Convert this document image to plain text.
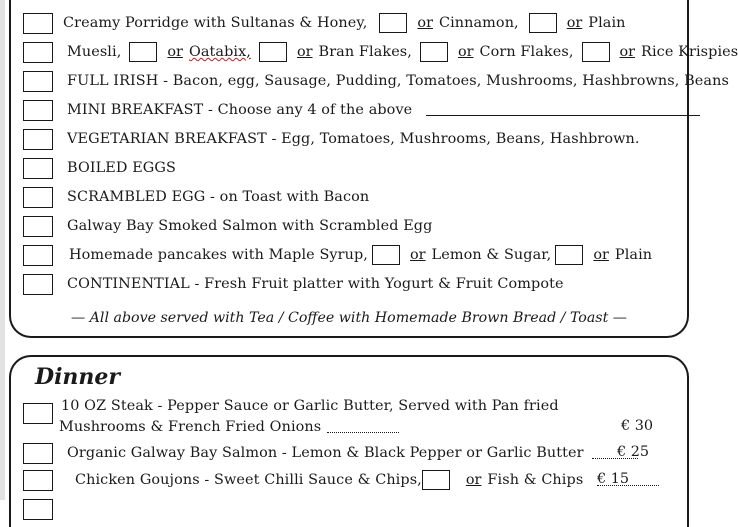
Creamy Porridge with Sultanas & Honey,	or Cinnamon,	or Plain
Muesli,	or Oatabix,	or Bran Flakes,	or Corn Flakes,	or Rice Krispies
FULL IRISH - Bacon, egg, Sausage, Pudding, Tomatoes, Mushrooms, Hashbrowns, Beans
MINI BREAKFAST - Choose any 4 of the above
VEGETARIAN BREAKFAST - Egg, Tomatoes, Mushrooms, Beans, Hashbrown.
BOILED EGGS
SCRAMBLED EGG - on Toast with Bacon
Galway Bay Smoked Salmon with Scrambled Egg
Homemade pancakes with Maple Syrup,	or Lemon & Sugar,	or Plain
CONTINENTIAL - Fresh Fruit platter with Yogurt & Fruit Compote
— All above served with Tea / Coffee with Homemade Brown Bread / Toast —
Dinner
10 OZ Steak - Pepper Sauce or Garlic Butter, Served with Pan fried
Mushrooms & French Fried Onions	€ 30
Organic Galway Bay Salmon - Lemon & Black Pepper or Garlic Butter € 25
Chicken Goujons - Sweet Chilli Sauce & Chips,	or Fish & Chips € 15
